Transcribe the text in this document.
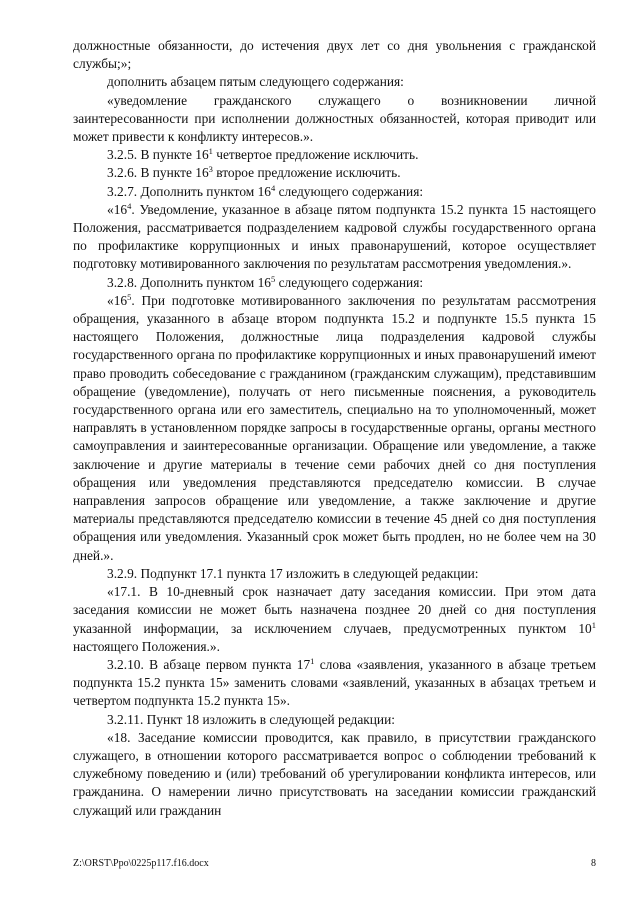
должностные обязанности, до истечения двух лет со дня увольнения с гражданской службы;»;

дополнить абзацем пятым следующего содержания:

«уведомление гражданского служащего о возникновении личной заинтересованности при исполнении должностных обязанностей, которая приводит или может привести к конфликту интересов.».

3.2.5. В пункте $16^1$ четвертое предложение исключить.

3.2.6. В пункте $16^3$ второе предложение исключить.

3.2.7. Дополнить пунктом $16^4$ следующего содержания:

«$16^4$. Уведомление, указанное в абзаце пятом подпункта 15.2 пункта 15 настоящего Положения, рассматривается подразделением кадровой службы государственного органа по профилактике коррупционных и иных правонарушений, которое осуществляет подготовку мотивированного заключения по результатам рассмотрения уведомления.».

3.2.8. Дополнить пунктом $16^5$ следующего содержания:

«$16^5$. При подготовке мотивированного заключения по результатам рассмотрения обращения, указанного в абзаце втором подпункта 15.2 и подпункте 15.5 пункта 15 настоящего Положения, должностные лица подразделения кадровой службы государственного органа по профилактике коррупционных и иных правонарушений имеют право проводить собеседование с гражданином (гражданским служащим), представившим обращение (уведомление), получать от него письменные пояснения, а руководитель государственного органа или его заместитель, специально на то уполномоченный, может направлять в установленном порядке запросы в государственные органы, органы местного самоуправления и заинтересованные организации. Обращение или уведомление, а также заключение и другие материалы в течение семи рабочих дней со дня поступления обращения или уведомления представляются председателю комиссии. В случае направления запросов обращение или уведомление, а также заключение и другие материалы представляются председателю комиссии в течение 45 дней со дня поступления обращения или уведомления. Указанный срок может быть продлен, но не более чем на 30 дней.».

3.2.9. Подпункт 17.1 пункта 17 изложить в следующей редакции:

«17.1. В 10-дневный срок назначает дату заседания комиссии. При этом дата заседания комиссии не может быть назначена позднее 20 дней со дня поступления указанной информации, за исключением случаев, предусмотренных пунктом $10^1$ настоящего Положения.».

3.2.10. В абзаце первом пункта $17^1$ слова «заявления, указанного в абзаце третьем подпункта 15.2 пункта 15» заменить словами «заявлений, указанных в абзацах третьем и четвертом подпункта 15.2 пункта 15».

3.2.11. Пункт 18 изложить в следующей редакции:

«18. Заседание комиссии проводится, как правило, в присутствии гражданского служащего, в отношении которого рассматривается вопрос о соблюдении требований к служебному поведению и (или) требований об урегулировании конфликта интересов, или гражданина. О намерении лично присутствовать на заседании комиссии гражданский служащий или гражданин

Z:\ORST\Ppo\0225p117.f16.docx	8
